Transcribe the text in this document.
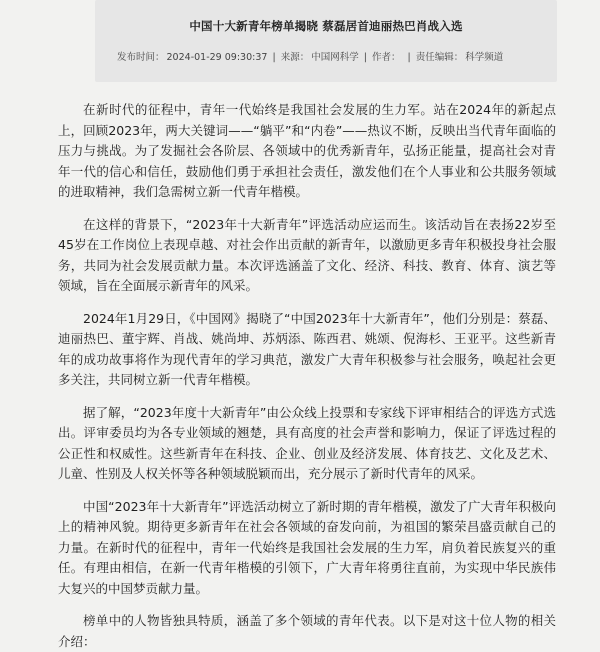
中国十大新青年榜单揭晓 蔡磊居首迪丽热巴肖战入选
发布时间： 2024-01-29 09:30:37 | 来源： 中国网科学 | 作者： | 责任编辑： 科学频道

在新时代的征程中，青年一代始终是我国社会发展的生力军。站在2024年的新起点上，回顾2023年，两大关键词——“躺平”和“内卷”——热议不断，反映出当代青年面临的压力与挑战。为了发掘社会各阶层、各领域中的优秀新青年，弘扬正能量，提高社会对青年一代的信心和信任，鼓励他们勇于承担社会责任，激发他们在个人事业和公共服务领域的进取精神，我们急需树立新一代青年楷模。

在这样的背景下，“2023年十大新青年”评选活动应运而生。该活动旨在表扬22岁至45岁在工作岗位上表现卓越、对社会作出贡献的新青年，以激励更多青年积极投身社会服务，共同为社会发展贡献力量。本次评选涵盖了文化、经济、科技、教育、体育、演艺等领域，旨在全面展示新青年的风采。

2024年1月29日，《中国网》揭晓了“中国2023年十大新青年”，他们分别是：蔡磊、迪丽热巴、董宇辉、肖战、姚尚坤、苏炳添、陈西君、姚颂、倪海杉、王亚平。这些新青年的成功故事将作为现代青年的学习典范，激发广大青年积极参与社会服务，唤起社会更多关注，共同树立新一代青年楷模。

据了解，“2023年度十大新青年”由公众线上投票和专家线下评审相结合的评选方式选出。评审委员均为各专业领域的翘楚，具有高度的社会声誉和影响力，保证了评选过程的公正性和权威性。这些新青年在科技、企业、创业及经济发展、体育技艺、文化及艺术、儿童、性别及人权关怀等各种领域脱颖而出，充分展示了新时代青年的风采。

中国“2023年十大新青年”评选活动树立了新时期的青年楷模，激发了广大青年积极向上的精神风貌。期待更多新青年在社会各领域的奋发向前，为祖国的繁荣昌盛贡献自己的力量。在新时代的征程中，青年一代始终是我国社会发展的生力军，肩负着民族复兴的重任。有理由相信，在新一代青年楷模的引领下，广大青年将勇往直前，为实现中华民族伟大复兴的中国梦贡献力量。

榜单中的人物皆独具特质，涵盖了多个领域的青年代表。以下是对这十位人物的相关介绍：
